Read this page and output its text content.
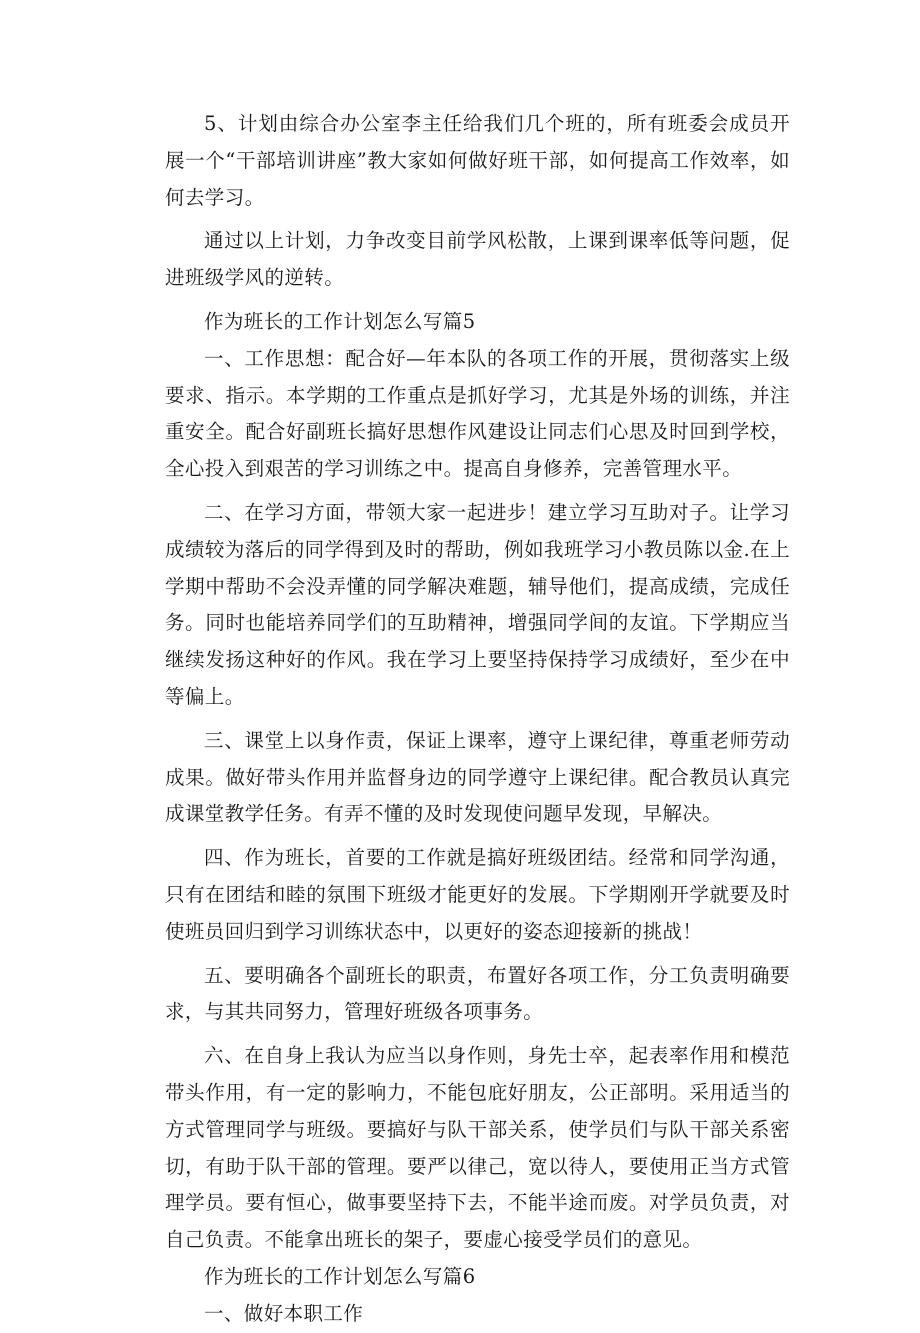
5、计划由综合办公室李主任给我们几个班的，所有班委会成员开展一个“干部培训讲座”教大家如何做好班干部，如何提高工作效率，如何去学习。

通过以上计划，力争改变目前学风松散，上课到课率低等问题，促进班级学风的逆转。

作为班长的工作计划怎么写篇5

一、工作思想：配合好—年本队的各项工作的开展，贯彻落实上级要求、指示。本学期的工作重点是抓好学习，尤其是外场的训练，并注重安全。配合好副班长搞好思想作风建设让同志们心思及时回到学校，全心投入到艰苦的学习训练之中。提高自身修养，完善管理水平。

二、在学习方面，带领大家一起进步！建立学习互助对子。让学习成绩较为落后的同学得到及时的帮助，例如我班学习小教员陈以金.在上学期中帮助不会没弄懂的同学解决难题，辅导他们，提高成绩，完成任务。同时也能培养同学们的互助精神，增强同学间的友谊。下学期应当继续发扬这种好的作风。我在学习上要坚持保持学习成绩好，至少在中等偏上。

三、课堂上以身作责，保证上课率，遵守上课纪律，尊重老师劳动成果。做好带头作用并监督身边的同学遵守上课纪律。配合教员认真完成课堂教学任务。有弄不懂的及时发现使问题早发现，早解决。

四、作为班长，首要的工作就是搞好班级团结。经常和同学沟通，只有在团结和睦的氛围下班级才能更好的发展。下学期刚开学就要及时使班员回归到学习训练状态中，以更好的姿态迎接新的挑战！

五、要明确各个副班长的职责，布置好各项工作，分工负责明确要求，与其共同努力，管理好班级各项事务。

六、在自身上我认为应当以身作则，身先士卒，起表率作用和模范带头作用，有一定的影响力，不能包庇好朋友，公正部明。采用适当的方式管理同学与班级。要搞好与队干部关系，使学员们与队干部关系密切，有助于队干部的管理。要严以律己，宽以待人，要使用正当方式管理学员。要有恒心，做事要坚持下去，不能半途而废。对学员负责，对自己负责。不能拿出班长的架子，要虚心接受学员们的意见。

作为班长的工作计划怎么写篇6

一、做好本职工作
